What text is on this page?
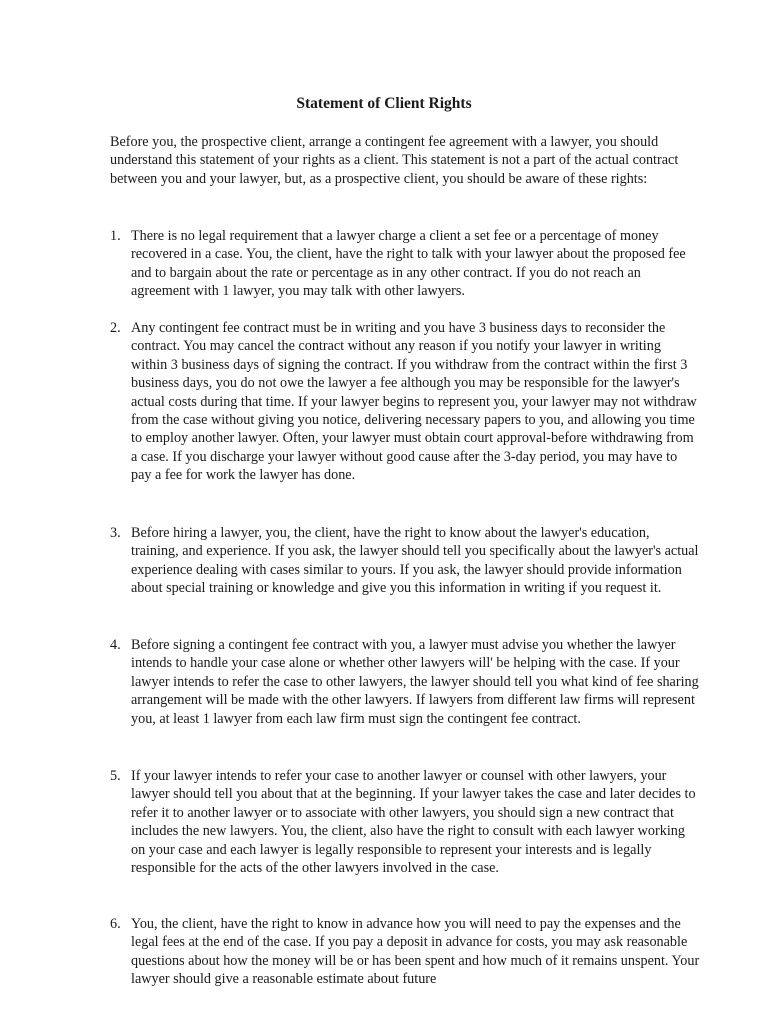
Statement of Client Rights

Before you, the prospective client, arrange a contingent fee agreement with a lawyer, you should understand this statement of your rights as a client. This statement is not a part of the actual contract between you and your lawyer, but, as a prospective client, you should be aware of these rights:

1. There is no legal requirement that a lawyer charge a client a set fee or a percentage of money recovered in a case. You, the client, have the right to talk with your lawyer about the proposed fee and to bargain about the rate or percentage as in any other contract. If you do not reach an agreement with 1 lawyer, you may talk with other lawyers.
2. Any contingent fee contract must be in writing and you have 3 business days to reconsider the contract. You may cancel the contract without any reason if you notify your lawyer in writing within 3 business days of signing the contract. If you withdraw from the contract within the first 3 business days, you do not owe the lawyer a fee although you may be responsible for the lawyer's actual costs during that time. If your lawyer begins to represent you, your lawyer may not withdraw from the case without giving you notice, delivering necessary papers to you, and allowing you time to employ another lawyer. Often, your lawyer must obtain court approval-before withdrawing from a case. If you discharge your lawyer without good cause after the 3-day period, you may have to pay a fee for work the lawyer has done.
3. Before hiring a lawyer, you, the client, have the right to know about the lawyer's education, training, and experience. If you ask, the lawyer should tell you specifically about the lawyer's actual experience dealing with cases similar to yours. If you ask, the lawyer should provide information about special training or knowledge and give you this information in writing if you request it.
4. Before signing a contingent fee contract with you, a lawyer must advise you whether the lawyer intends to handle your case alone or whether other lawyers will' be helping with the case. If your lawyer intends to refer the case to other lawyers, the lawyer should tell you what kind of fee sharing arrangement will be made with the other lawyers. If lawyers from different law firms will represent you, at least 1 lawyer from each law firm must sign the contingent fee contract.
5. If your lawyer intends to refer your case to another lawyer or counsel with other lawyers, your lawyer should tell you about that at the beginning. If your lawyer takes the case and later decides to refer it to another lawyer or to associate with other lawyers, you should sign a new contract that includes the new lawyers. You, the client, also have the right to consult with each lawyer working on your case and each lawyer is legally responsible to represent your interests and is legally responsible for the acts of the other lawyers involved in the case.
6. You, the client, have the right to know in advance how you will need to pay the expenses and the legal fees at the end of the case. If you pay a deposit in advance for costs, you may ask reasonable questions about how the money will be or has been spent and how much of it remains unspent. Your lawyer should give a reasonable estimate about future
